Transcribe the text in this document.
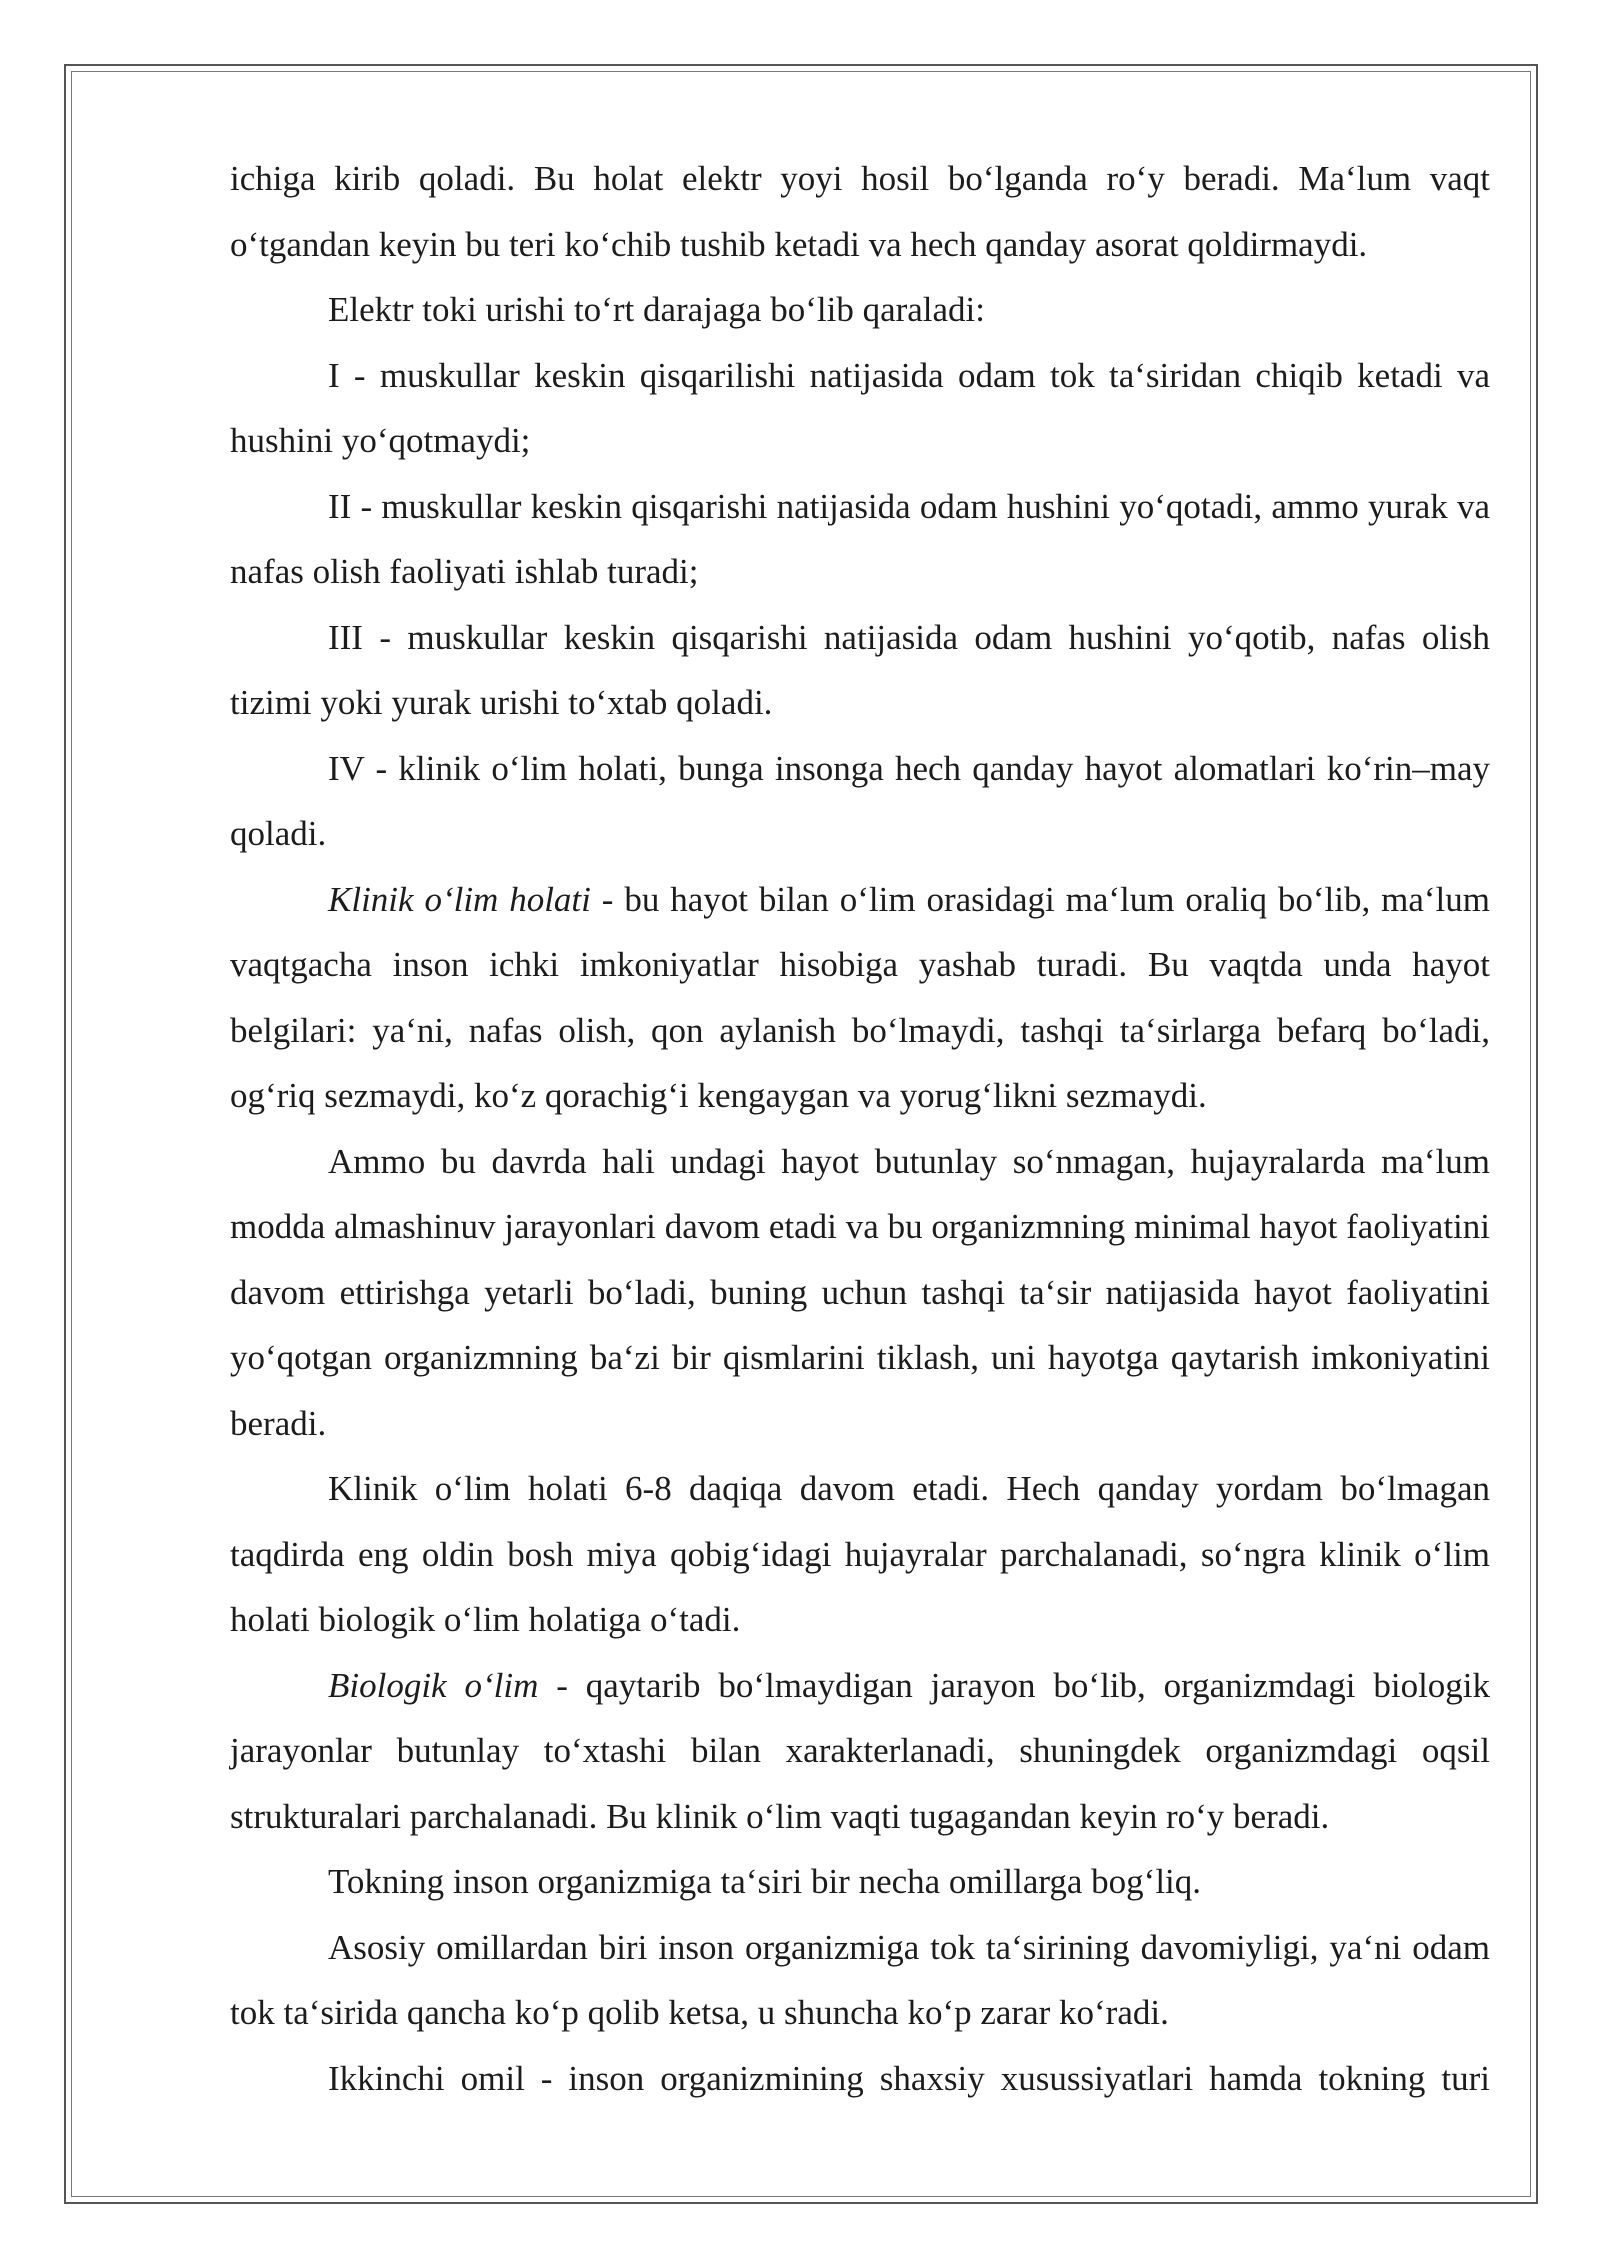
ichiga kirib qoladi. Bu holat elektr yoyi hosil bo‘lganda ro‘y beradi. Ma‘lum vaqt o‘tgandan keyin bu teri ko‘chib tushib ketadi va hech qanday asorat qoldirmaydi.

Elektr toki urishi to‘rt darajaga bo‘lib qaraladi:

I - muskullar keskin qisqarilishi natijasida odam tok ta‘siridan chiqib ketadi va hushini yo‘qotmaydi;

II - muskullar keskin qisqarishi natijasida odam hushini yo‘qotadi, ammo yurak va nafas olish faoliyati ishlab turadi;

III - muskullar keskin qisqarishi natijasida odam hushini yo‘qotib, nafas olish tizimi yoki yurak urishi to‘xtab qoladi.

IV - klinik o‘lim holati, bunga insonga hech qanday hayot alomatlari ko‘rin–may qoladi.

Klinik o‘lim holati - bu hayot bilan o‘lim orasidagi ma‘lum oraliq bo‘lib, ma‘lum vaqtgacha inson ichki imkoniyatlar hisobiga yashab turadi. Bu vaqtda unda hayot belgilari: ya‘ni, nafas olish, qon aylanish bo‘lmaydi, tashqi ta‘sirlarga befarq bo‘ladi, og‘riq sezmaydi, ko‘z qorachig‘i kengaygan va yorug‘likni sezmaydi.

Ammo bu davrda hali undagi hayot butunlay so‘nmagan, hujayralarda ma‘lum modda almashinuv jarayonlari davom etadi va bu organizmning minimal hayot faoliyatini davom ettirishga yetarli bo‘ladi, buning uchun tashqi ta‘sir natijasida hayot faoliyatini yo‘qotgan organizmning ba‘zi bir qismlarini tiklash, uni hayotga qaytarish imkoniyatini beradi.

Klinik o‘lim holati 6-8 daqiqa davom etadi. Hech qanday yordam bo‘lmagan taqdirda eng oldin bosh miya qobig‘idagi hujayralar parchalanadi, so‘ngra klinik o‘lim holati biologik o‘lim holatiga o‘tadi.

Biologik o‘lim - qaytarib bo‘lmaydigan jarayon bo‘lib, organizmdagi biologik jarayonlar butunlay to‘xtashi bilan xarakterlanadi, shuningdek organizmdagi oqsil strukturalari parchalanadi. Bu klinik o‘lim vaqti tugagandan keyin ro‘y beradi.

Tokning inson organizmiga ta‘siri bir necha omillarga bog‘liq.

Asosiy omillardan biri inson organizmiga tok ta‘sirining davomiyligi, ya‘ni odam tok ta‘sirida qancha ko‘p qolib ketsa, u shuncha ko‘p zarar ko‘radi.

Ikkinchi omil - inson organizmining shaxsiy xusussiyatlari hamda tokning turi
